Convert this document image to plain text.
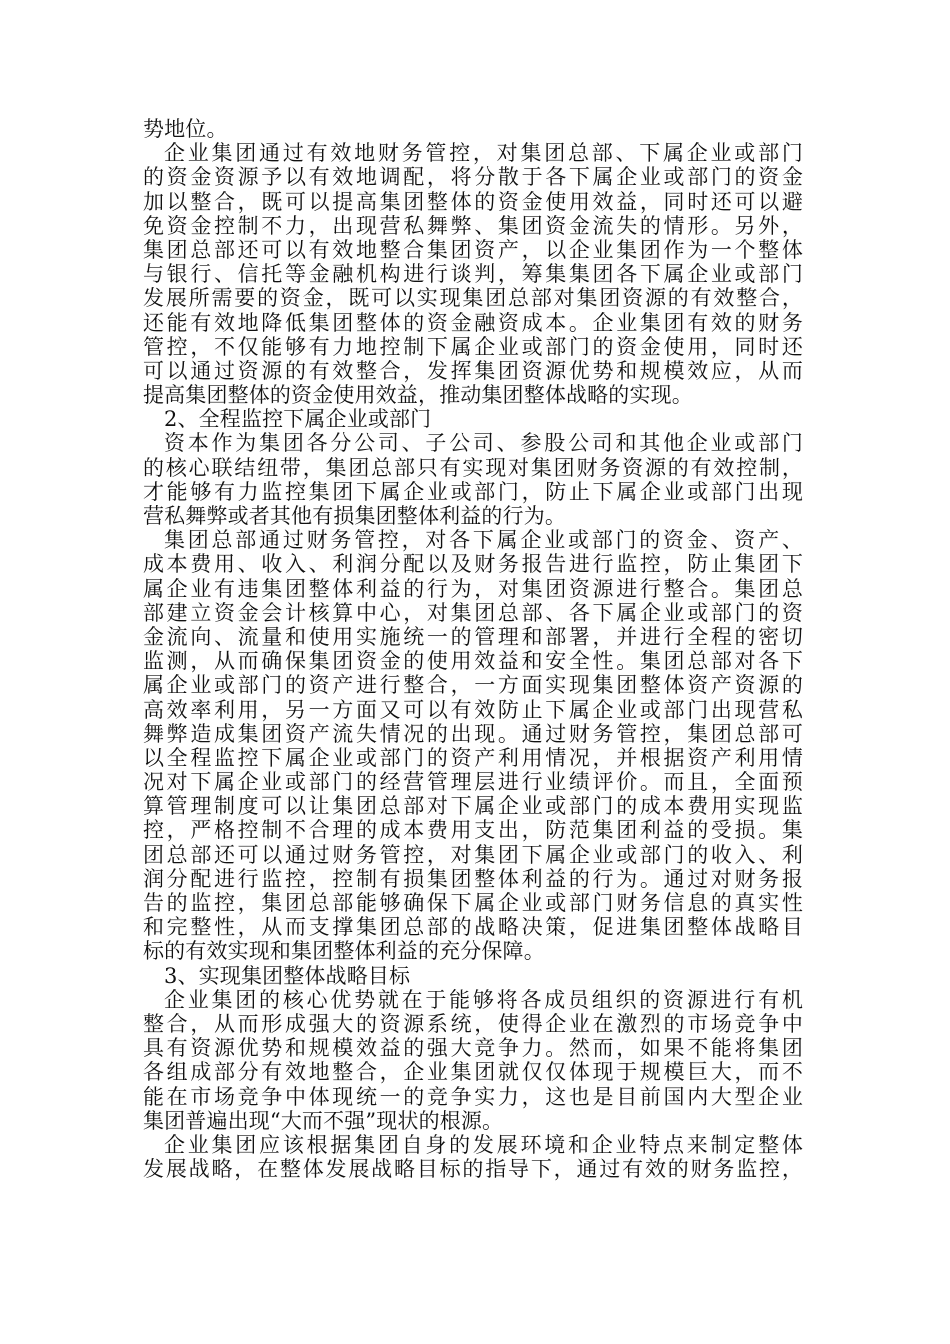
势地位。
企业集团通过有效地财务管控，对集团总部、下属企业或部门
的资金资源予以有效地调配，将分散于各下属企业或部门的资金
加以整合，既可以提高集团整体的资金使用效益，同时还可以避
免资金控制不力，出现营私舞弊、集团资金流失的情形。另外，
集团总部还可以有效地整合集团资产，以企业集团作为一个整体
与银行、信托等金融机构进行谈判，筹集集团各下属企业或部门
发展所需要的资金，既可以实现集团总部对集团资源的有效整合，
还能有效地降低集团整体的资金融资成本。企业集团有效的财务
管控，不仅能够有力地控制下属企业或部门的资金使用，同时还
可以通过资源的有效整合，发挥集团资源优势和规模效应，从而
提高集团整体的资金使用效益，推动集团整体战略的实现。
2、全程监控下属企业或部门
资本作为集团各分公司、子公司、参股公司和其他企业或部门
的核心联结纽带，集团总部只有实现对集团财务资源的有效控制，
才能够有力监控集团下属企业或部门，防止下属企业或部门出现
营私舞弊或者其他有损集团整体利益的行为。
集团总部通过财务管控，对各下属企业或部门的资金、资产、
成本费用、收入、利润分配以及财务报告进行监控，防止集团下
属企业有违集团整体利益的行为，对集团资源进行整合。集团总
部建立资金会计核算中心，对集团总部、各下属企业或部门的资
金流向、流量和使用实施统一的管理和部署，并进行全程的密切
监测，从而确保集团资金的使用效益和安全性。集团总部对各下
属企业或部门的资产进行整合，一方面实现集团整体资产资源的
高效率利用，另一方面又可以有效防止下属企业或部门出现营私
舞弊造成集团资产流失情况的出现。通过财务管控，集团总部可
以全程监控下属企业或部门的资产利用情况，并根据资产利用情
况对下属企业或部门的经营管理层进行业绩评价。而且，全面预
算管理制度可以让集团总部对下属企业或部门的成本费用实现监
控，严格控制不合理的成本费用支出，防范集团利益的受损。集
团总部还可以通过财务管控，对集团下属企业或部门的收入、利
润分配进行监控，控制有损集团整体利益的行为。通过对财务报
告的监控，集团总部能够确保下属企业或部门财务信息的真实性
和完整性，从而支撑集团总部的战略决策，促进集团整体战略目
标的有效实现和集团整体利益的充分保障。
3、实现集团整体战略目标
企业集团的核心优势就在于能够将各成员组织的资源进行有机
整合，从而形成强大的资源系统，使得企业在激烈的市场竞争中
具有资源优势和规模效益的强大竞争力。然而，如果不能将集团
各组成部分有效地整合，企业集团就仅仅体现于规模巨大，而不
能在市场竞争中体现统一的竞争实力，这也是目前国内大型企业
集团普遍出现“大而不强”现状的根源。
企业集团应该根据集团自身的发展环境和企业特点来制定整体
发展战略，在整体发展战略目标的指导下，通过有效的财务监控，
